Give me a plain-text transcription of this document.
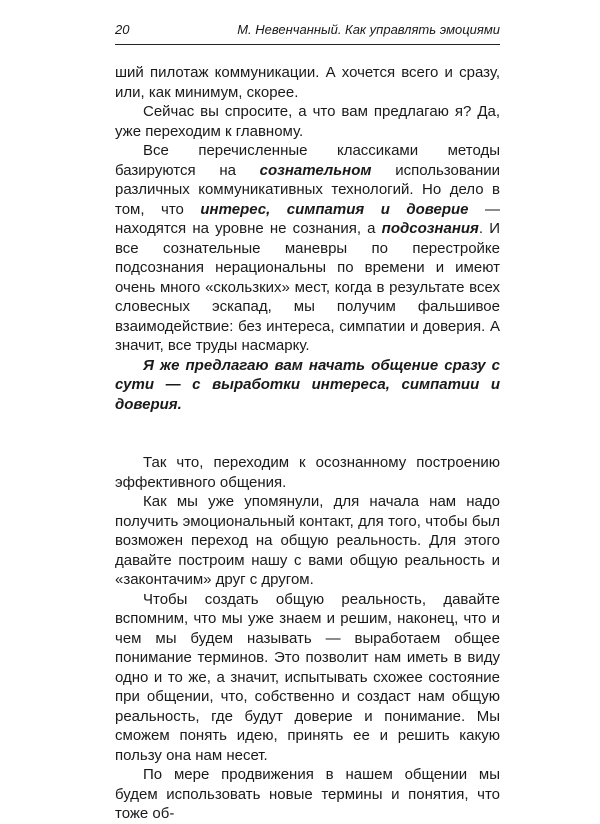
20	М. Невенчанный. Как управлять эмоциями

ший пилотаж коммуникации. А хочется всего и сразу, или, как минимум, скорее.

Сейчас вы спросите, а что вам предлагаю я? Да, уже переходим к главному.

Все перечисленные классиками методы базируются на сознательном использовании различных коммуникативных технологий. Но дело в том, что интерес, симпатия и доверие — находятся на уровне не сознания, а подсознания. И все сознательные маневры по перестройке подсознания нерациональны по времени и имеют очень много «скользких» мест, когда в результате всех словесных эскапад, мы получим фальшивое взаимодействие: без интереса, симпатии и доверия. А значит, все труды насмарку.

Я же предлагаю вам начать общение сразу с сути — с выработки интереса, симпатии и доверия.

Так что, переходим к осознанному построению эффективного общения.

Как мы уже упомянули, для начала нам надо получить эмоциональный контакт, для того, чтобы был возможен переход на общую реальность. Для этого давайте построим нашу с вами общую реальность и «законтачим» друг с другом.

Чтобы создать общую реальность, давайте вспомним, что мы уже знаем и решим, наконец, что и чем мы будем называть — выработаем общее понимание терминов. Это позволит нам иметь в виду одно и то же, а значит, испытывать схожее состояние при общении, что, собственно и создаст нам общую реальность, где будут доверие и понимание. Мы сможем понять идею, принять ее и решить какую пользу она нам несет.

По мере продвижения в нашем общении мы будем использовать новые термины и понятия, что тоже об-
